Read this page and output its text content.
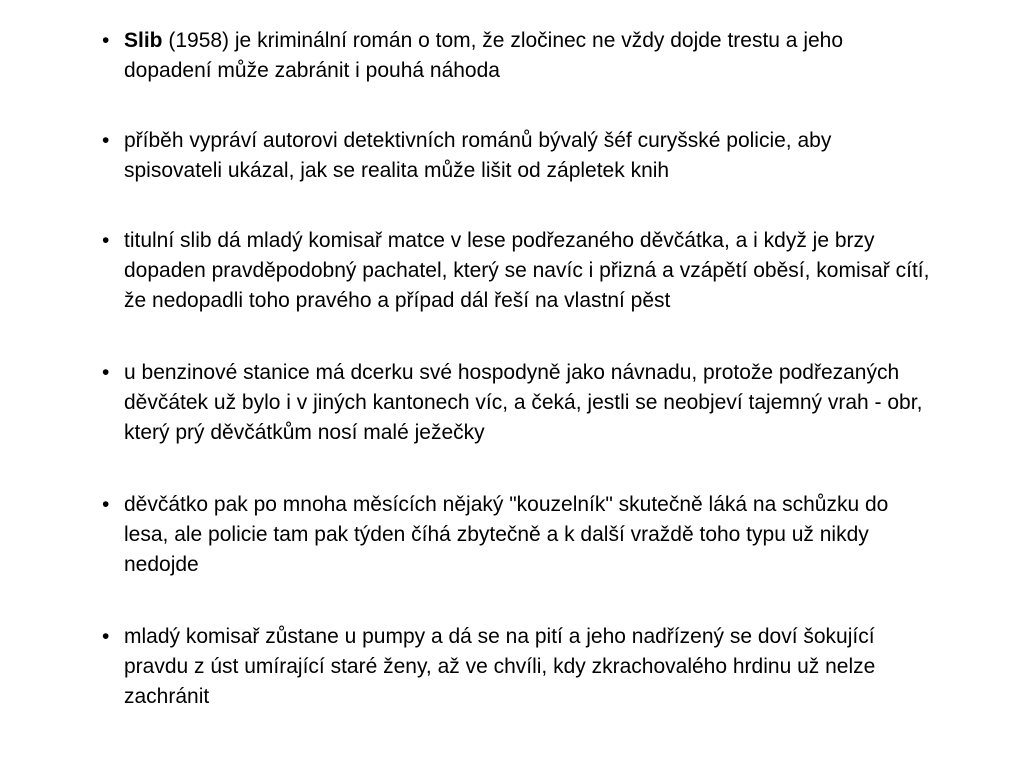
• Slib (1958) je kriminální román o tom, že zločinec ne vždy dojde trestu a jeho dopadení může zabránit i pouhá náhoda
• příběh vypráví autorovi detektivních románů bývalý šéf curyšské policie, aby spisovateli ukázal, jak se realita může lišit od zápletek knih
• titulní slib dá mladý komisař matce v lese podřezaného děvčátka, a i když je brzy dopaden pravděpodobný pachatel, který se navíc i přizná a vzápětí oběsí, komisař cítí, že nedopadli toho pravého a případ dál řeší na vlastní pěst
• u benzinové stanice má dcerku své hospodyně jako návnadu, protože podřezaných děvčátek už bylo i v jiných kantonech víc, a čeká, jestli se neobjeví tajemný vrah - obr, který prý děvčátkům nosí malé ježečky
• děvčátko pak po mnoha měsících nějaký "kouzelník" skutečně láká na schůzku do lesa, ale policie tam pak týden číhá zbytečně a k další vraždě toho typu už nikdy nedojde
• mladý komisař zůstane u pumpy a dá se na pití a jeho nadřízený se doví šokující pravdu z úst umírající staré ženy, až ve chvíli, kdy zkrachovalého hrdinu už nelze zachránit
